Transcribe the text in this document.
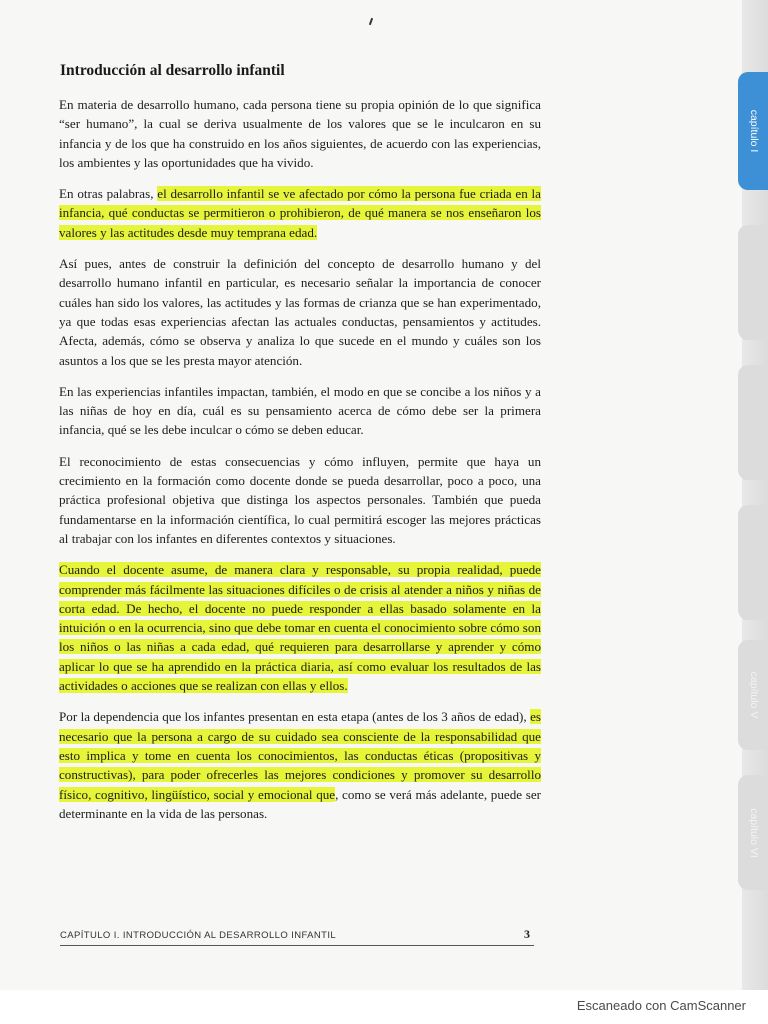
Introducción al desarrollo infantil

En materia de desarrollo humano, cada persona tiene su propia opinión de lo que significa “ser humano”, la cual se deriva usualmente de los valores que se le inculcaron en su infancia y de los que ha construido en los años siguientes, de acuerdo con las experiencias, los ambientes y las oportunidades que ha vivido.

En otras palabras, el desarrollo infantil se ve afectado por cómo la persona fue criada en la infancia, qué conductas se permitieron o prohibieron, de qué manera se nos enseñaron los valores y las actitudes desde muy temprana edad.

Así pues, antes de construir la definición del concepto de desarrollo humano y del desarrollo humano infantil en particular, es necesario señalar la importancia de conocer cuáles han sido los valores, las actitudes y las formas de crianza que se han experimentado, ya que todas esas experiencias afectan las actuales conductas, pensamientos y actitudes. Afecta, además, cómo se observa y analiza lo que sucede en el mundo y cuáles son los asuntos a los que se les presta mayor atención.

En las experiencias infantiles impactan, también, el modo en que se concibe a los niños y a las niñas de hoy en día, cuál es su pensamiento acerca de cómo debe ser la primera infancia, qué se les debe inculcar o cómo se deben educar.

El reconocimiento de estas consecuencias y cómo influyen, permite que haya un crecimiento en la formación como docente donde se pueda desarrollar, poco a poco, una práctica profesional objetiva que distinga los aspectos personales. También que pueda fundamentarse en la información científica, lo cual permitirá escoger las mejores prácticas al trabajar con los infantes en diferentes contextos y situaciones.

Cuando el docente asume, de manera clara y responsable, su propia realidad, puede comprender más fácilmente las situaciones difíciles o de crisis al atender a niños y niñas de corta edad. De hecho, el docente no puede responder a ellas basado solamente en la intuición o en la ocurrencia, sino que debe tomar en cuenta el conocimiento sobre cómo son los niños o las niñas a cada edad, qué requieren para desarrollarse y aprender y cómo aplicar lo que se ha aprendido en la práctica diaria, así como evaluar los resultados de las actividades o acciones que se realizan con ellas y ellos.

Por la dependencia que los infantes presentan en esta etapa (antes de los 3 años de edad), es necesario que la persona a cargo de su cuidado sea consciente de la responsabilidad que esto implica y tome en cuenta los conocimientos, las conductas éticas (propositivas y constructivas), para poder ofrecerles las mejores condiciones y promover su desarrollo físico, cognitivo, lingüístico, social y emocional que, como se verá más adelante, puede ser determinante en la vida de las personas.

CAPÍTULO I. INTRODUCCIÓN AL DESARROLLO INFANTIL	3
capítulo I
capítulo V
capítulo VI
Escaneado con CamScanner
